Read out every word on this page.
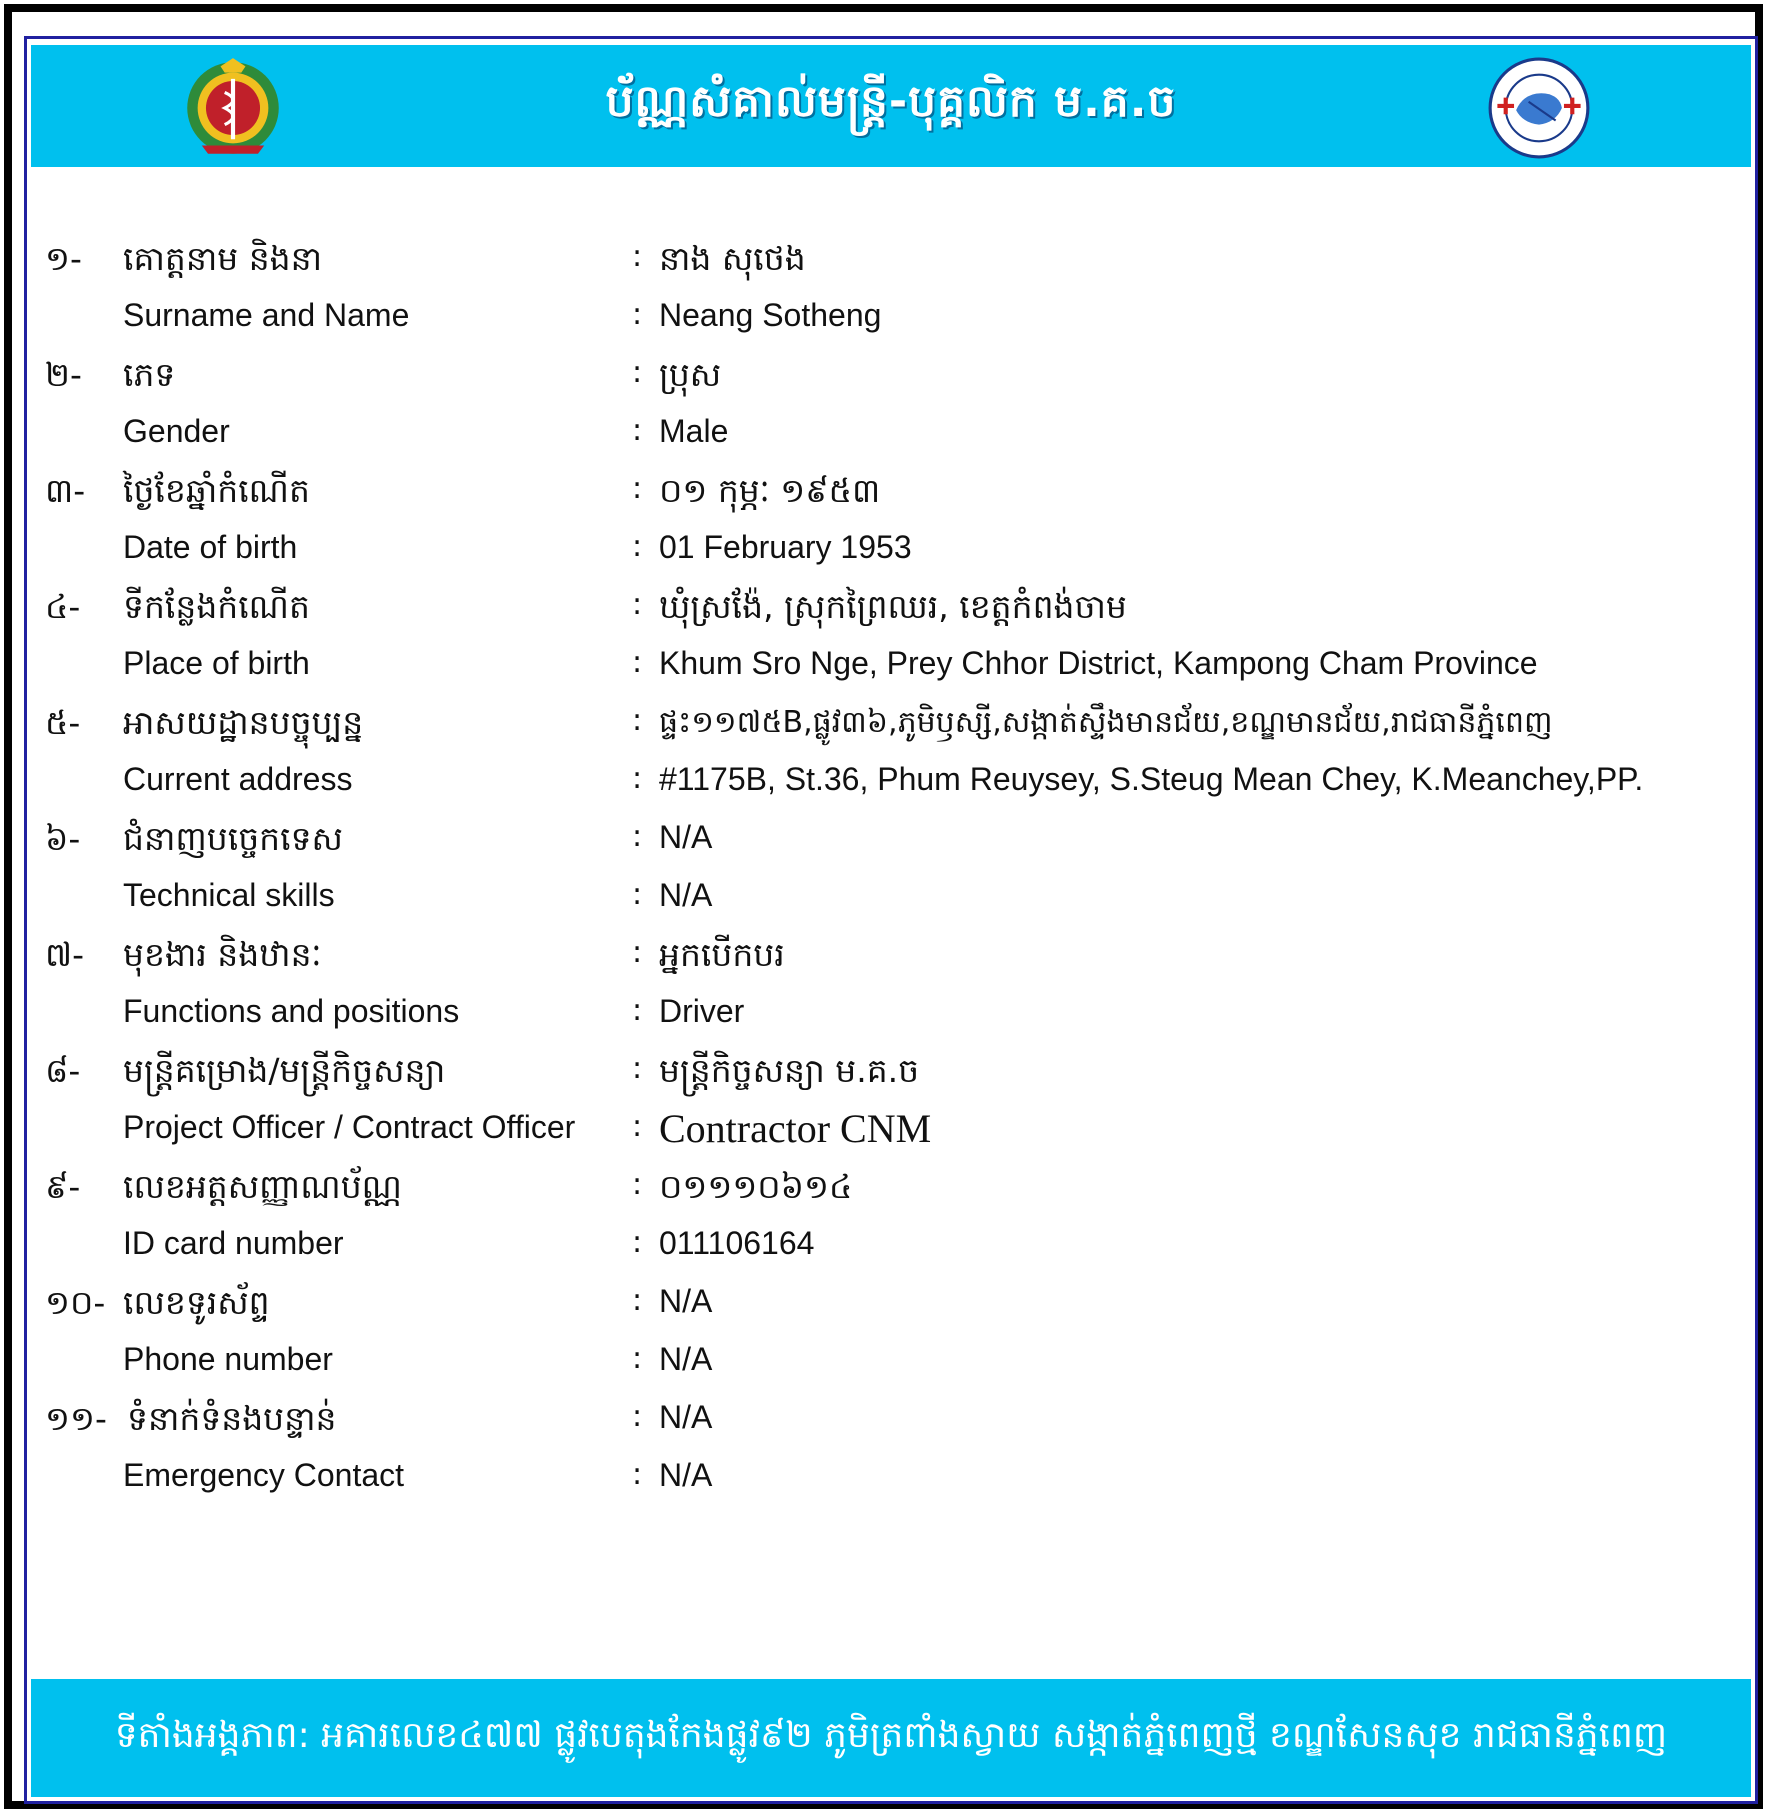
ប័ណ្ណសំគាល់មន្ត្រី-បុគ្គលិក ម.គ.ច
១- គោត្តនាម និងនា	: នាង សុថេង
Surname and Name	: Neang Sotheng
២- ភេទ	: ប្រុស
Gender	: Male
៣- ថ្ងៃខែឆ្នាំកំណើត	: ០១ កុម្ភៈ ១៩៥៣
Date of birth	: 01 February 1953
៤- ទីកន្លែងកំណើត	: ឃុំស្រង៉ែ, ស្រុកព្រៃឈរ, ខេត្តកំពង់ចាម
Place of birth	: Khum Sro Nge, Prey Chhor District, Kampong Cham Province
៥- អាសយដ្ឋានបច្ចុប្បន្ន	: ផ្ទះ១១៧៥B,ផ្លូវ៣៦,ភូមិឫស្សី,សង្កាត់ស្ទឹងមានជ័យ,ខណ្ឌមានជ័យ,រាជធានីភ្នំពេញ
Current address	: #1175B, St.36, Phum Reuysey, S.Steug Mean Chey, K.Meanchey,PP.
៦- ជំនាញបច្ចេកទេស	: N/A
Technical skills	: N/A
៧- មុខងារ និងឋានៈ	: អ្នកបើកបរ
Functions and positions	: Driver
៨- មន្ត្រីគម្រោង/មន្ត្រីកិច្ចសន្យា	: មន្ត្រីកិច្ចសន្យា ម.គ.ច
Project Officer / Contract Officer : Contractor CNM
៩- លេខអត្តសញ្ញាណប័ណ្ណ	: ០១១១០៦១៤
ID card number	: 011106164
១០- លេខទូរស័ព្ទ	: N/A
Phone number	: N/A
១១- ទំនាក់ទំនងបន្ទាន់	: N/A
Emergency Contact	: N/A
ទីតាំងអង្គភាព: អគារលេខ៤៧៧ ផ្លូវបេតុងកែងផ្លូវ៩២ ភូមិត្រពាំងស្វាយ សង្កាត់ភ្នំពេញថ្មី ខណ្ឌសែនសុខ រាជធានីភ្នំពេញ
